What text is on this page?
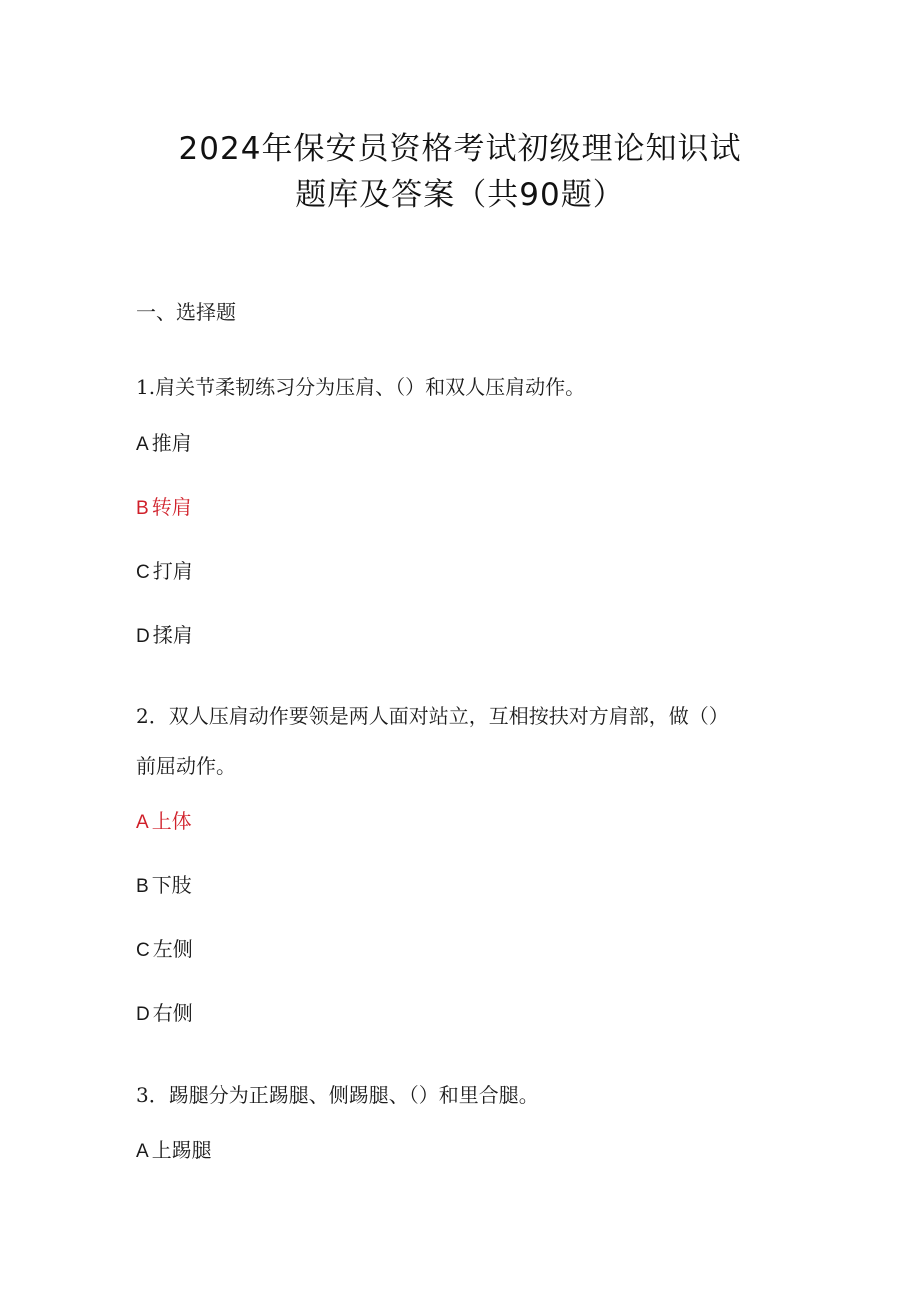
2024年保安员资格考试初级理论知识试
题库及答案（共90题）
一、选择题
1.肩关节柔韧练习分为压肩、（）和双人压肩动作。
A 推肩
B 转肩
C 打肩
D 揉肩
2．双人压肩动作要领是两人面对站立，互相按扶对方肩部，做（）
前屈动作。
A 上体
B 下肢
C 左侧
D 右侧
3．踢腿分为正踢腿、侧踢腿、（）和里合腿。
A 上踢腿
